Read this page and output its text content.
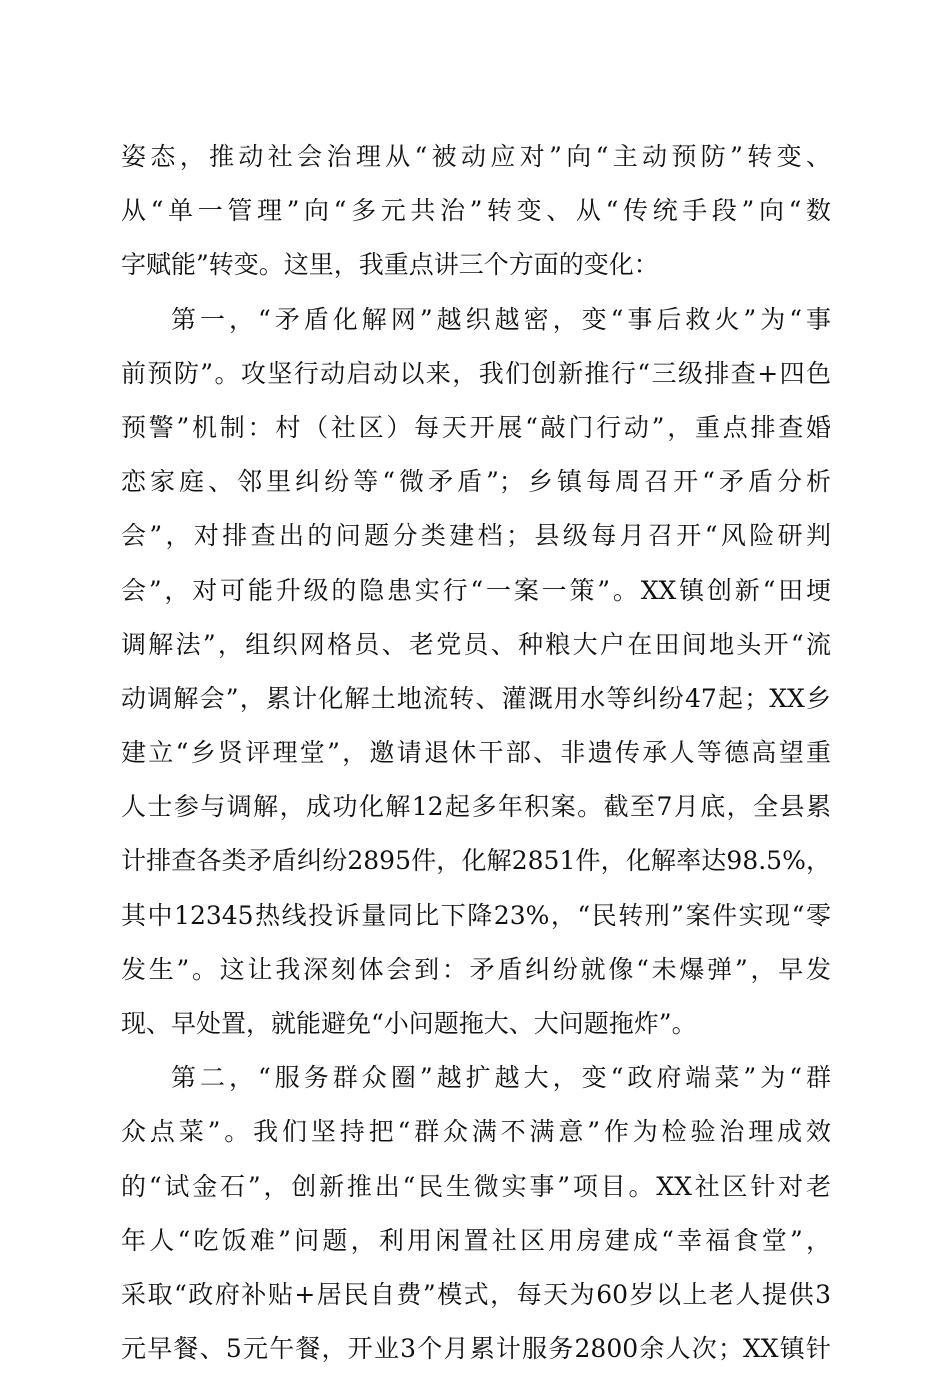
姿态，推动社会治理从“被动应对”向“主动预防”转变、
从“单一管理”向“多元共治”转变、从“传统手段”向“数
字赋能”转变。这里，我重点讲三个方面的变化：
第一，“矛盾化解网”越织越密，变“事后救火”为“事
前预防”。攻坚行动启动以来，我们创新推行“三级排查+四色
预警”机制：村（社区）每天开展“敲门行动”，重点排查婚
恋家庭、邻里纠纷等“微矛盾”；乡镇每周召开“矛盾分析
会”，对排查出的问题分类建档；县级每月召开“风险研判
会”，对可能升级的隐患实行“一案一策”。XX镇创新“田埂
调解法”，组织网格员、老党员、种粮大户在田间地头开“流
动调解会”，累计化解土地流转、灌溉用水等纠纷47起；XX乡
建立“乡贤评理堂”，邀请退休干部、非遗传承人等德高望重
人士参与调解，成功化解12起多年积案。截至7月底，全县累
计排查各类矛盾纠纷2895件，化解2851件，化解率达98.5%，
其中12345热线投诉量同比下降23%，“民转刑”案件实现“零
发生”。这让我深刻体会到：矛盾纠纷就像“未爆弹”，早发
现、早处置，就能避免“小问题拖大、大问题拖炸”。
第二，“服务群众圈”越扩越大，变“政府端菜”为“群
众点菜”。我们坚持把“群众满不满意”作为检验治理成效
的“试金石”，创新推出“民生微实事”项目。XX社区针对老
年人“吃饭难”问题，利用闲置社区用房建成“幸福食堂”，
采取“政府补贴+居民自费”模式，每天为60岁以上老人提供3
元早餐、5元午餐，开业3个月累计服务2800余人次；XX镇针
